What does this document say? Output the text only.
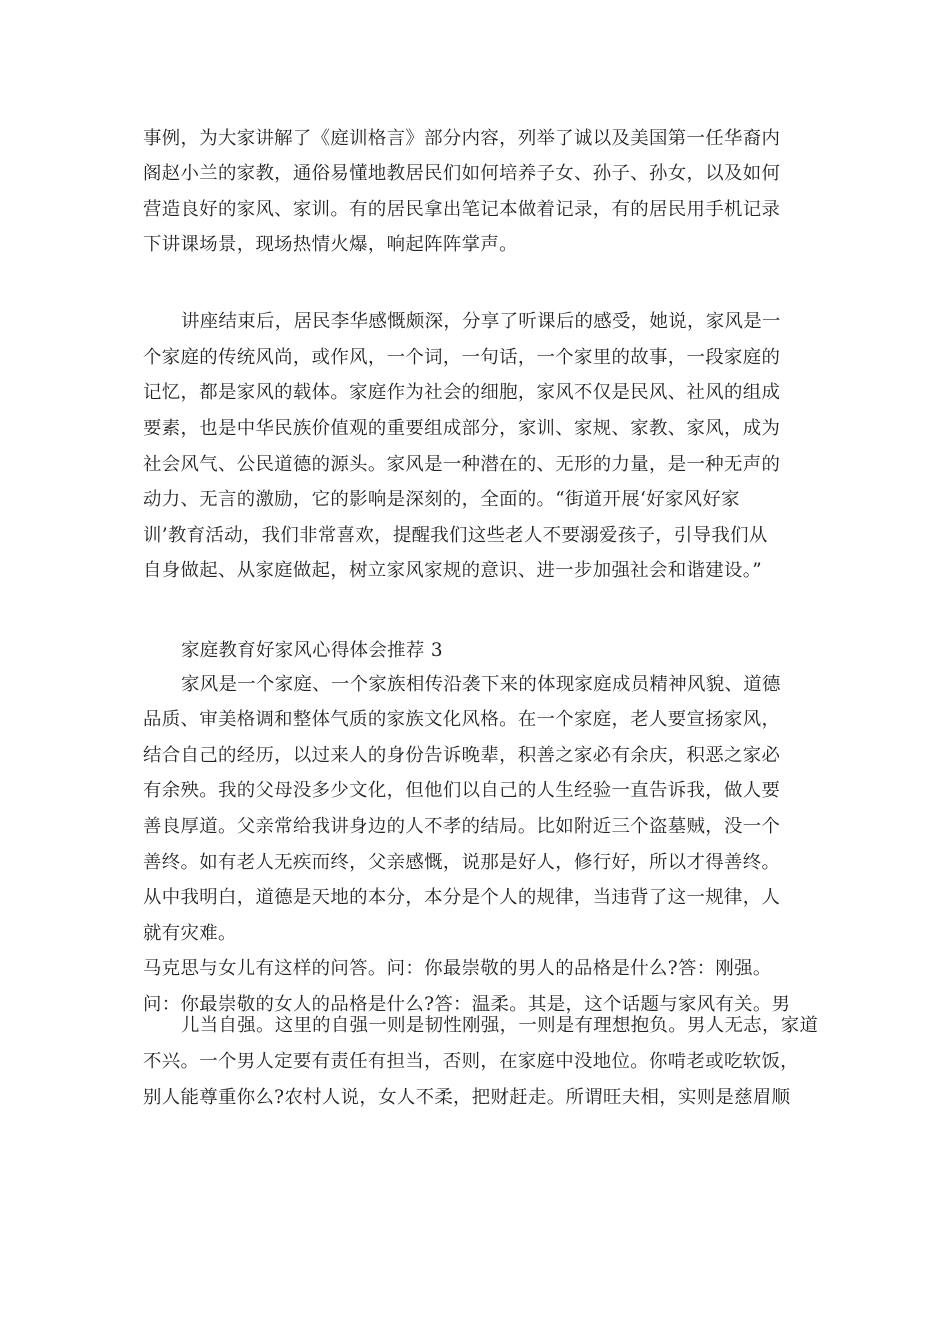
事例，为大家讲解了《庭训格言》部分内容，列举了诚以及美国第一任华裔内
阁赵小兰的家教，通俗易懂地教居民们如何培养子女、孙子、孙女，以及如何
营造良好的家风、家训。有的居民拿出笔记本做着记录，有的居民用手机记录
下讲课场景，现场热情火爆，响起阵阵掌声。
讲座结束后，居民李华感慨颇深，分享了听课后的感受，她说，家风是一
个家庭的传统风尚，或作风，一个词，一句话，一个家里的故事，一段家庭的
记忆，都是家风的载体。家庭作为社会的细胞，家风不仅是民风、社风的组成
要素，也是中华民族价值观的重要组成部分，家训、家规、家教、家风，成为
社会风气、公民道德的源头。家风是一种潜在的、无形的力量，是一种无声的
动力、无言的激励，它的影响是深刻的，全面的。“街道开展‘好家风好家
训’教育活动，我们非常喜欢，提醒我们这些老人不要溺爱孩子，引导我们从
自身做起、从家庭做起，树立家风家规的意识、进一步加强社会和谐建设。”
家庭教育好家风心得体会推荐 3
家风是一个家庭、一个家族相传沿袭下来的体现家庭成员精神风貌、道德
品质、审美格调和整体气质的家族文化风格。在一个家庭，老人要宣扬家风，
结合自己的经历，以过来人的身份告诉晚辈，积善之家必有余庆，积恶之家必
有余殃。我的父母没多少文化，但他们以自己的人生经验一直告诉我，做人要
善良厚道。父亲常给我讲身边的人不孝的结局。比如附近三个盗墓贼，没一个
善终。如有老人无疾而终，父亲感慨，说那是好人，修行好，所以才得善终。
从中我明白，道德是天地的本分，本分是个人的规律，当违背了这一规律，人
就有灾难。
马克思与女儿有这样的问答。问：你最崇敬的男人的品格是什么?答：刚强。
问：你最崇敬的女人的品格是什么?答：温柔。其是，这个话题与家风有关。男
儿当自强。这里的自强一则是韧性刚强，一则是有理想抱负。男人无志，家道
不兴。一个男人定要有责任有担当，否则，在家庭中没地位。你啃老或吃软饭，
别人能尊重你么?农村人说，女人不柔，把财赶走。所谓旺夫相，实则是慈眉顺
